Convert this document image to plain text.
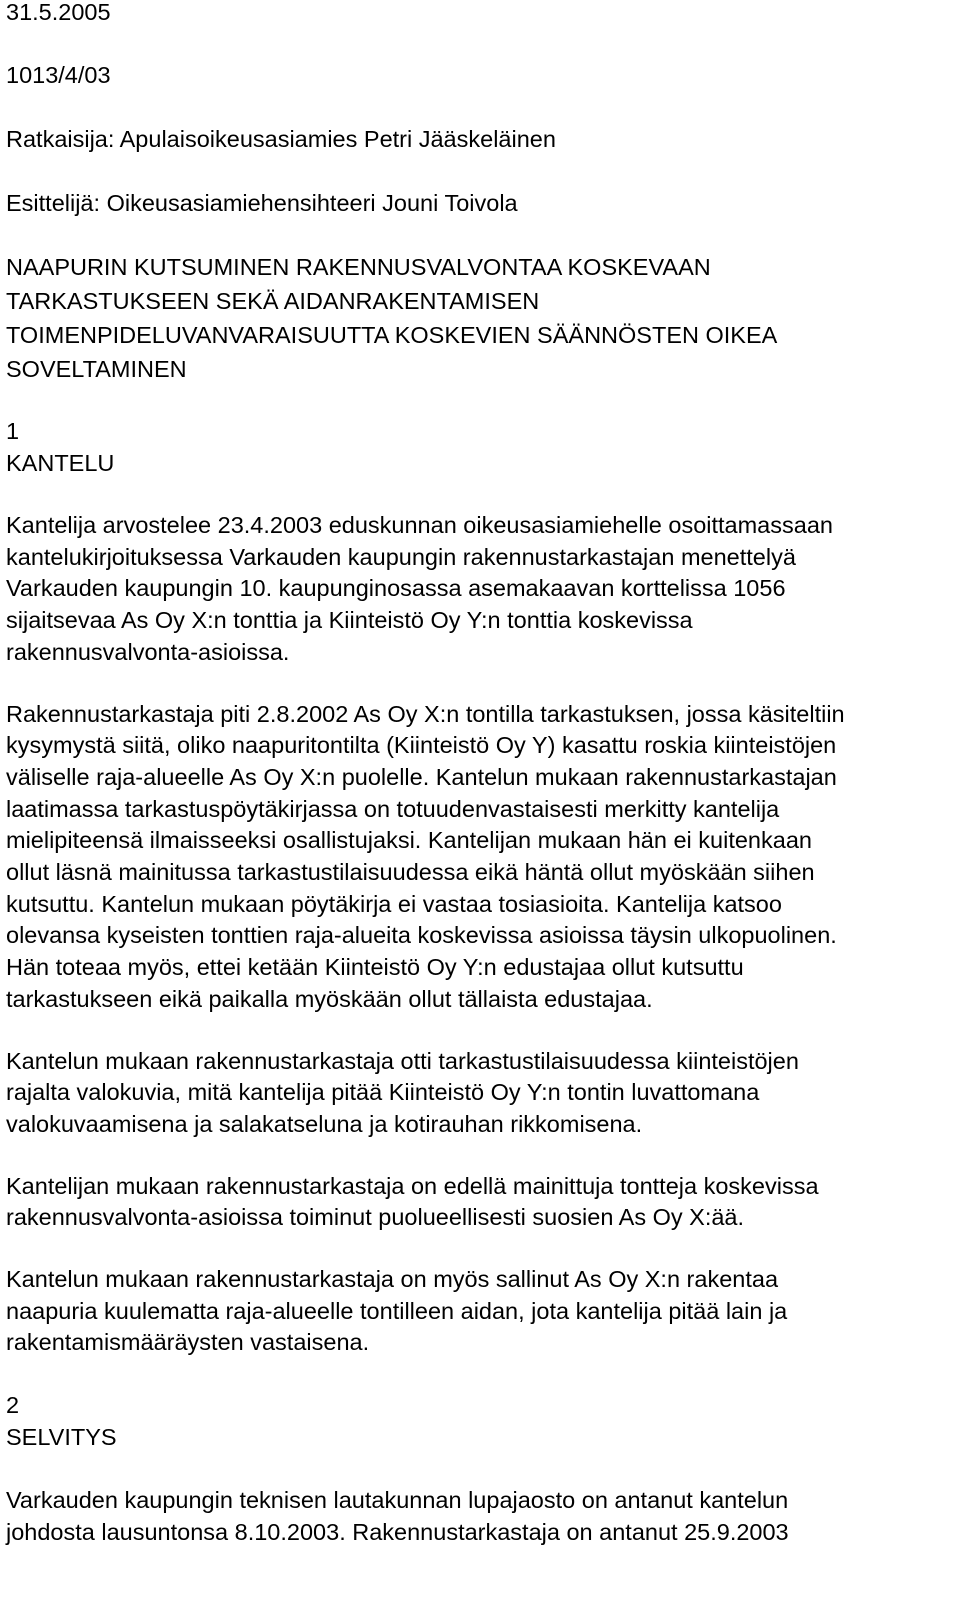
31.5.2005

1013/4/03

Ratkaisija: Apulaisoikeusasiamies Petri Jääskeläinen

Esittelijä: Oikeusasiamiehensihteeri Jouni Toivola

NAAPURIN KUTSUMINEN RAKENNUSVALVONTAA KOSKEVAAN

TARKASTUKSEEN SEKÄ AIDANRAKENTAMISEN

TOIMENPIDELUVANVARAISUUTTA KOSKEVIEN SÄÄNNÖSTEN OIKEA

SOVELTAMINEN

1

KANTELU

Kantelija arvostelee 23.4.2003 eduskunnan oikeusasiamiehelle osoittamassaan

kantelukirjoituksessa Varkauden kaupungin rakennustarkastajan menettelyä

Varkauden kaupungin 10. kaupunginosassa asemakaavan korttelissa 1056

sijaitsevaa As Oy X:n tonttia ja Kiinteistö Oy Y:n tonttia koskevissa

rakennusvalvonta-asioissa.

Rakennustarkastaja piti 2.8.2002 As Oy X:n tontilla tarkastuksen, jossa käsiteltiin

kysymystä siitä, oliko naapuritontilta (Kiinteistö Oy Y) kasattu roskia kiinteistöjen

väliselle raja-alueelle As Oy X:n puolelle. Kantelun mukaan rakennustarkastajan

laatimassa tarkastuspöytäkirjassa on totuudenvastaisesti merkitty kantelija

mielipiteensä ilmaisseeksi osallistujaksi. Kantelijan mukaan hän ei kuitenkaan

ollut läsnä mainitussa tarkastustilaisuudessa eikä häntä ollut myöskään siihen

kutsuttu. Kantelun mukaan pöytäkirja ei vastaa tosiasioita. Kantelija katsoo

olevansa kyseisten tonttien raja-alueita koskevissa asioissa täysin ulkopuolinen.

Hän toteaa myös, ettei ketään Kiinteistö Oy Y:n edustajaa ollut kutsuttu

tarkastukseen eikä paikalla myöskään ollut tällaista edustajaa.

Kantelun mukaan rakennustarkastaja otti tarkastustilaisuudessa kiinteistöjen

rajalta valokuvia, mitä kantelija pitää Kiinteistö Oy Y:n tontin luvattomana

valokuvaamisena ja salakatseluna ja kotirauhan rikkomisena.

Kantelijan mukaan rakennustarkastaja on edellä mainittuja tontteja koskevissa

rakennusvalvonta-asioissa toiminut puolueellisesti suosien As Oy X:ää.

Kantelun mukaan rakennustarkastaja on myös sallinut As Oy X:n rakentaa

naapuria kuulematta raja-alueelle tontilleen aidan, jota kantelija pitää lain ja

rakentamismääräysten vastaisena.

2

SELVITYS

Varkauden kaupungin teknisen lautakunnan lupajaosto on antanut kantelun

johdosta lausuntonsa 8.10.2003. Rakennustarkastaja on antanut 25.9.2003
